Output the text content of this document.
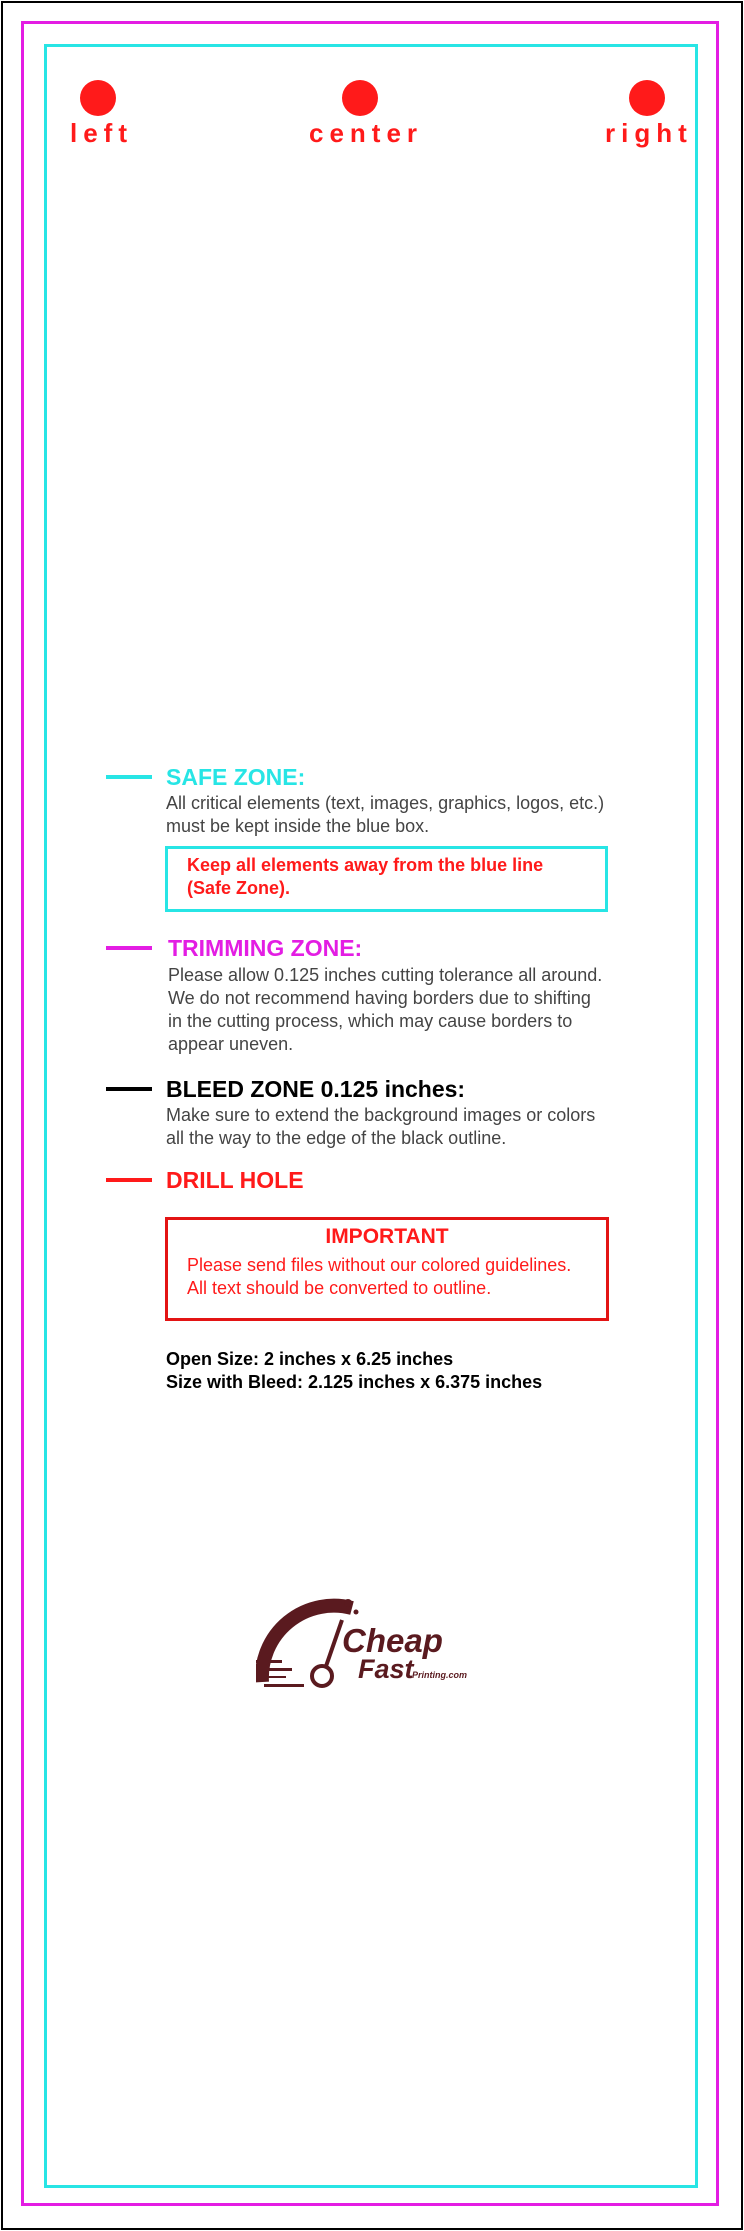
left	center	right
SAFE ZONE:
All critical elements (text, images, graphics, logos, etc.)
must be kept inside the blue box.
Keep all elements away from the blue line
(Safe Zone).
TRIMMING ZONE:
Please allow 0.125 inches cutting tolerance all around.
We do not recommend having borders due to shifting
in the cutting process, which may cause borders to
appear uneven.
BLEED ZONE 0.125 inches:
Make sure to extend the background images or colors
all the way to the edge of the black outline.
DRILL HOLE
IMPORTANT
Please send files without our colored guidelines.
All text should be converted to outline.
Open Size: 2 inches x 6.25 inches
Size with Bleed: 2.125 inches x 6.375 inches
Cheap
Fast
Printing.com
